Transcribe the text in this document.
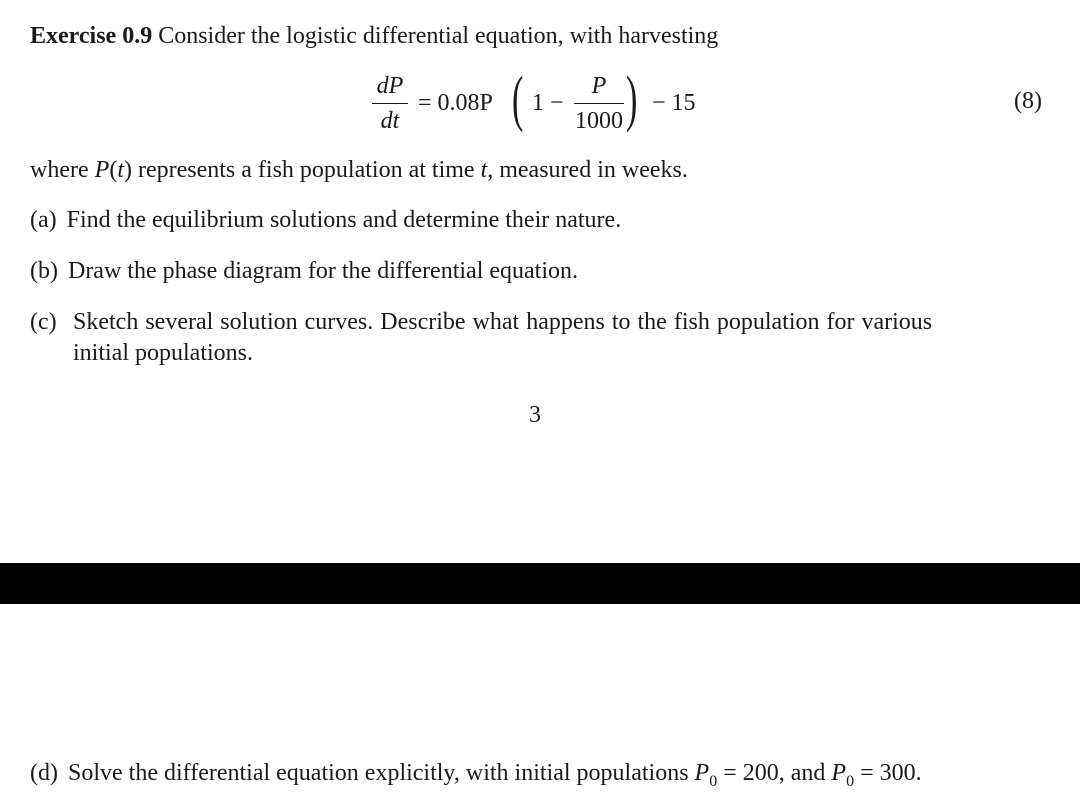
Exercise 0.9 Consider the logistic differential equation, with harvesting
dP
dt
= 0.08P ( 1 −
P
1000 ) − 15	(8)
where P(t) represents a fish population at time t, measured in weeks.
(a) Find the equilibrium solutions and determine their nature.
(b) Draw the phase diagram for the differential equation.
(c) Sketch several solution curves. Describe what happens to the fish population for various
initial populations.
3
(d) Solve the differential equation explicitly, with initial populations $P_0 = 200$, and $P_0 = 300$.
